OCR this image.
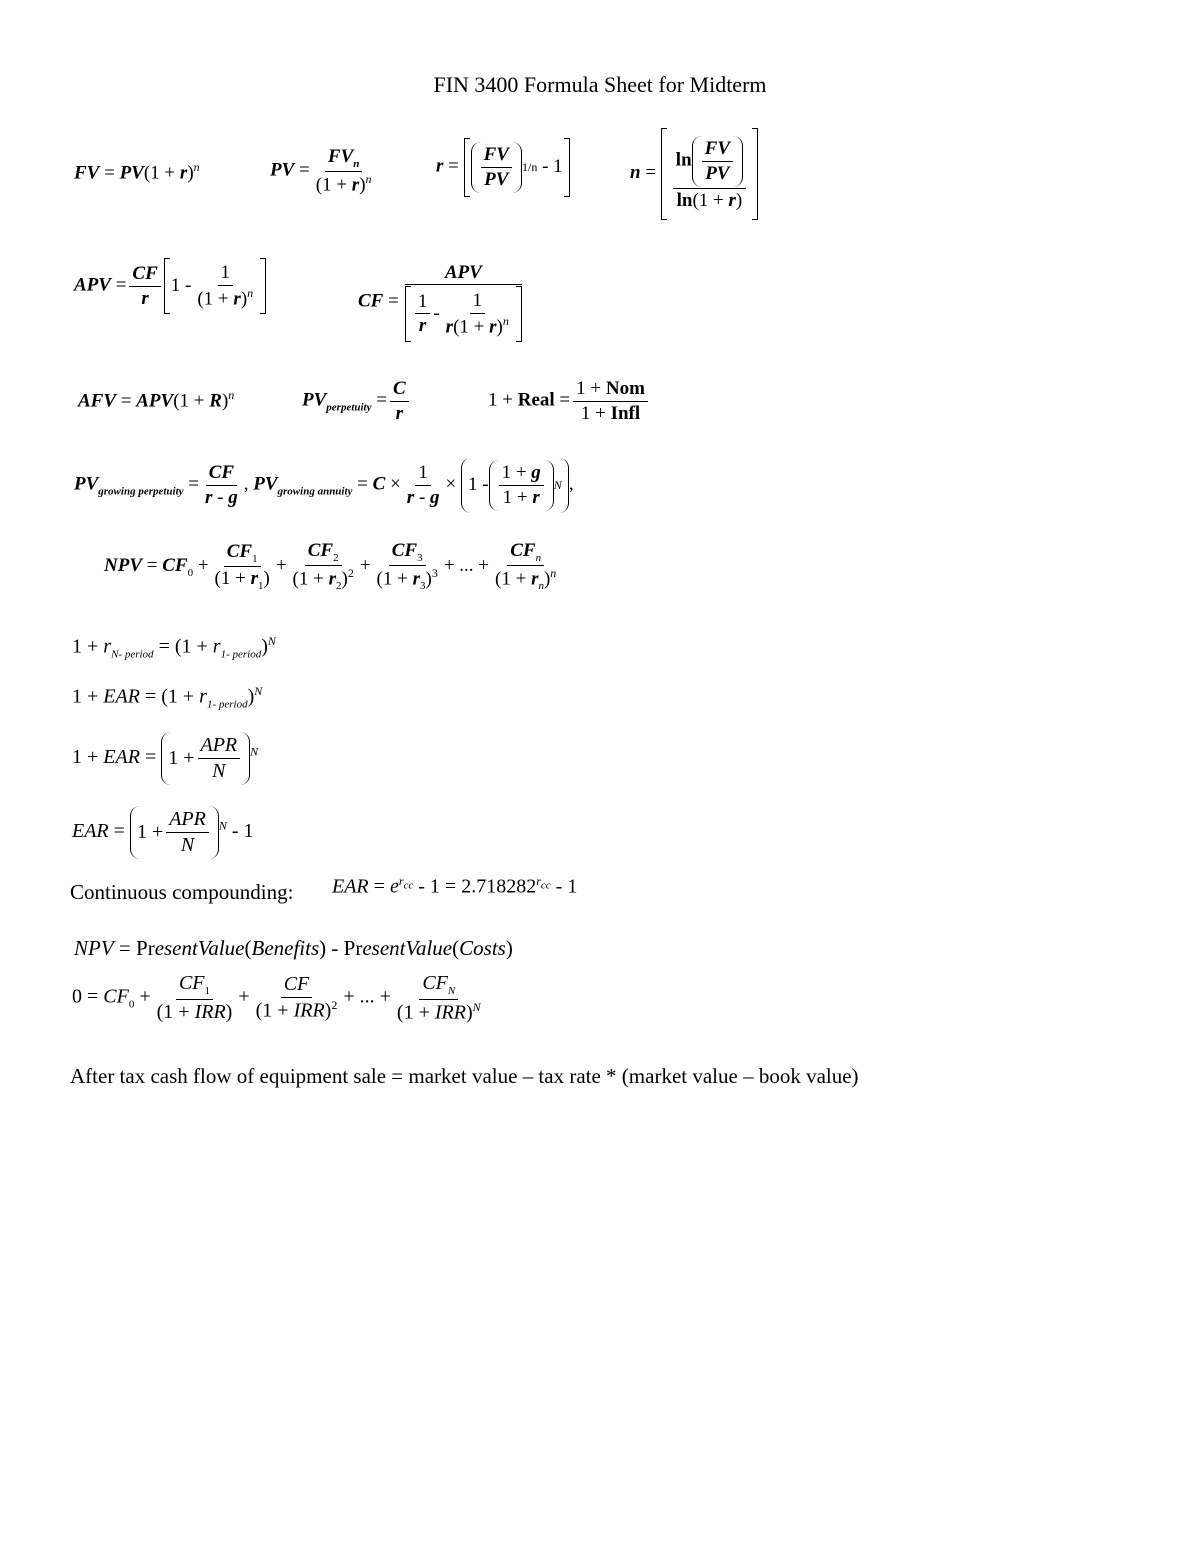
FIN 3400 Formula Sheet for Midterm
FV = $PV(1 + r)^n$	PV = $\frac{FV_n}{(1 + r)^n}$	$r = \frac{FV}{PV} 1/n - 1$	$n = \frac{\ln \frac{FV}{PV}}{\ln(1 + r)}$
APV = $\frac{CF}{r} 1 - \frac{1}{(1 + r)^n}$	CF = $\frac{\text{APV}}{\frac{1}{r} - \frac{1}{r(1 + r)^n}}$
AFV = $APV(1 + R)^n$	$PV_{perpetuity} = \frac{C}{r}$	1 + Real = $\frac{\text{1 + Nom}}{\text{1 + Infl}}$
$PV_{growing perpetuity} = \frac{CF}{r - g}$ , $PV_{growing annuity} = C \times \frac{1}{r - g} \times 1 - \frac{1 + g}{1 + r}$ N ,
NPV = $CF_0 + \frac{CF_1}{(1 + r_1)} + \frac{CF_2}{(1 + r_2)^2} + \frac{CF_3}{(1 + r_3)^3}$ + ... + $\frac{CF_n}{(1 + r_n)^n}$
$1 + r_{N- period} = (1 + r_{1- period})^N$
1 + EAR = $(1 + r_{1- period})^N$
1 + EAR = $1 + \frac{\text{APR}}{N} ^N$
EAR = $1 + \frac{\text{APR}}{N} ^N - 1$
Continuous compounding: EAR = $e^{r_{cc}} - 1 = 2.718282^{r_{cc}} - 1$
NPV = PresentValue(Benefits) - PresentValue(Costs)
$0 = CF_0 + \frac{CF_1}{\text{(1 + IRR)}} + \frac{CF}{(1 + IRR)^2}$ + ... + $\frac{CF_N}{(1 + IRR)^N}$
After tax cash flow of equipment sale = market value – tax rate * (market value – book value)
